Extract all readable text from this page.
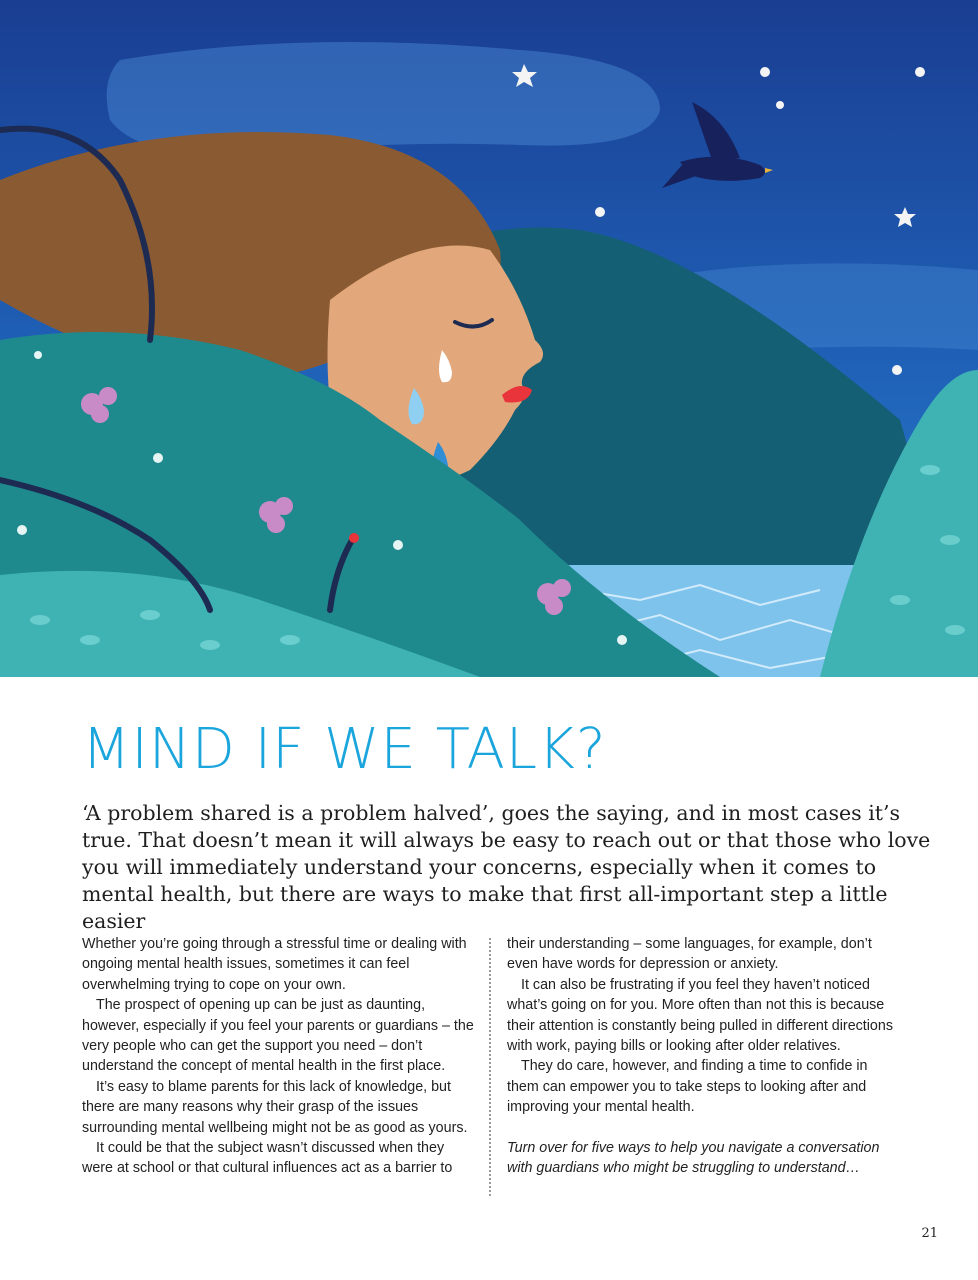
MIND IF WE TALK?

‘A problem shared is a problem halved’, goes the saying, and in most cases it’s true. That doesn’t mean it will always be easy to reach out or that those who love you will immediately understand your concerns, especially when it comes to mental health, but there are ways to make that first all-important step a little easier

Whether you’re going through a stressful time or dealing with ongoing mental health issues, sometimes it can feel overwhelming trying to cope on your own.

The prospect of opening up can be just as daunting, however, especially if you feel your parents or guardians – the very people who can get the support you need – don’t understand the concept of mental health in the first place.

It’s easy to blame parents for this lack of knowledge, but there are many reasons why their grasp of the issues surrounding mental wellbeing might not be as good as yours.

It could be that the subject wasn’t discussed when they were at school or that cultural influences act as a barrier to

their understanding – some languages, for example, don’t even have words for depression or anxiety.

It can also be frustrating if you feel they haven’t noticed what’s going on for you. More often than not this is because their attention is constantly being pulled in different directions with work, paying bills or looking after older relatives.

They do care, however, and finding a time to confide in them can empower you to take steps to looking after and improving your mental health.

Turn over for five ways to help you navigate a conversation with guardians who might be struggling to understand…

21
